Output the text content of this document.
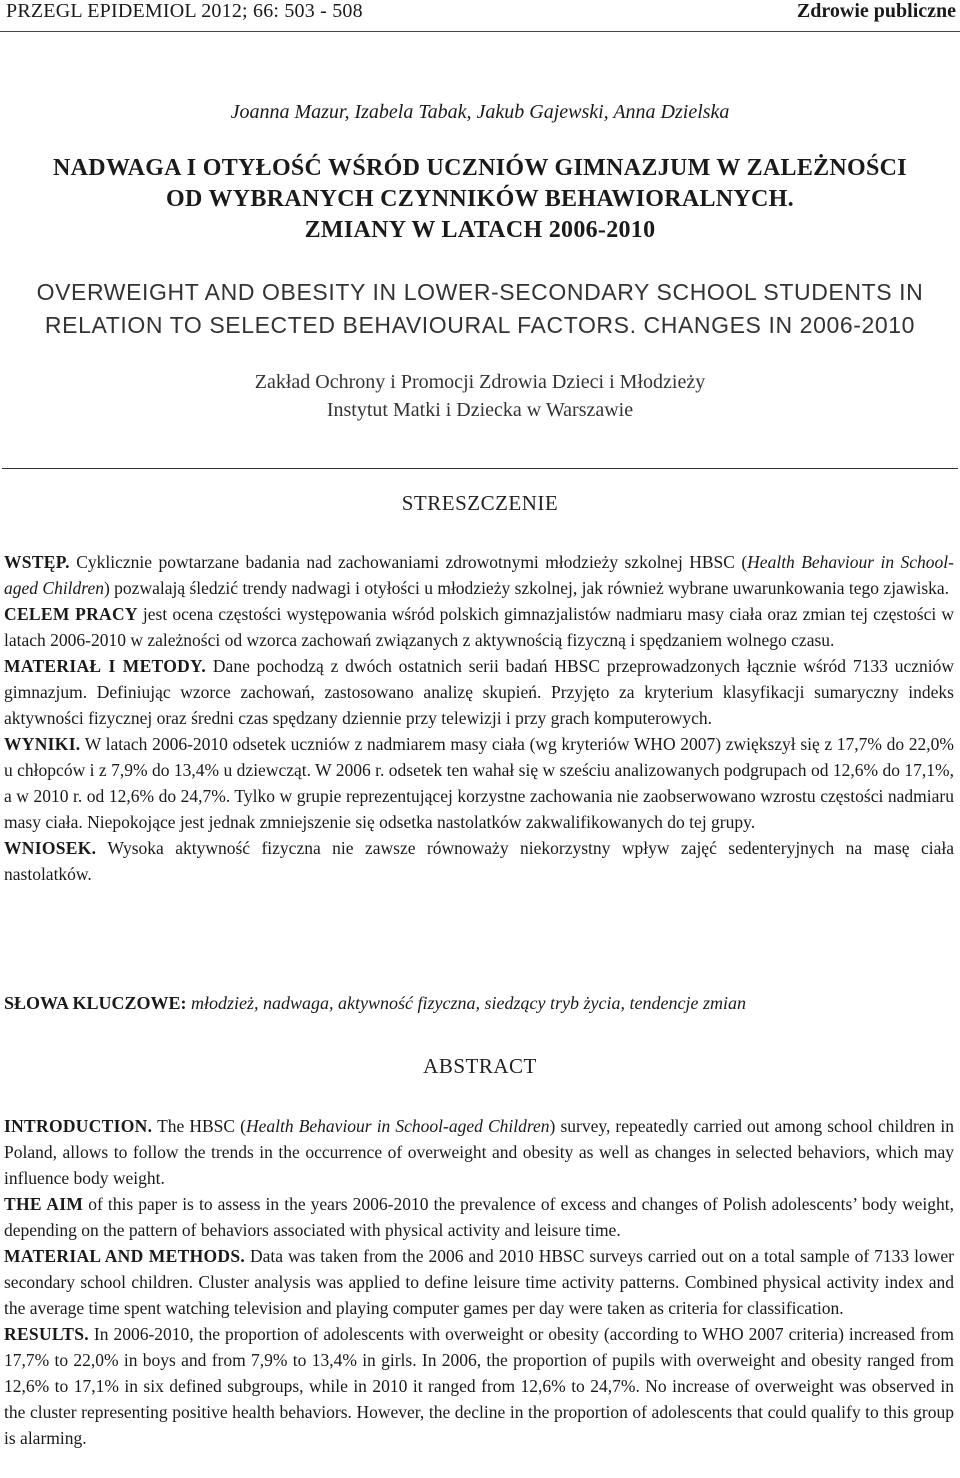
PRZEGL EPIDEMIOL 2012; 66: 503 - 508	Zdrowie publiczne
Joanna Mazur, Izabela Tabak, Jakub Gajewski, Anna Dzielska
NADWAGA I OTYŁOŚĆ WŚRÓD UCZNIÓW GIMNAZJUM W ZALEŻNOŚCI
OD WYBRANYCH CZYNNIKÓW BEHAWIORALNYCH.
ZMIANY W LATACH 2006-2010
OVERWEIGHT AND OBESITY IN LOWER-SECONDARY SCHOOL STUDENTS IN
RELATION TO SELECTED BEHAVIOURAL FACTORS. CHANGES IN 2006-2010
Zakład Ochrony i Promocji Zdrowia Dzieci i Młodzieży
Instytut Matki i Dziecka w Warszawie
STRESZCZENIE

WSTĘP. Cyklicznie powtarzane badania nad zachowaniami zdrowotnymi młodzieży szkolnej HBSC (Health Behaviour in School-aged Children) pozwalają śledzić trendy nadwagi i otyłości u młodzieży szkolnej, jak również wybrane uwarunkowania tego zjawiska.

CELEM PRACY jest ocena częstości występowania wśród polskich gimnazjalistów nadmiaru masy ciała oraz zmian tej częstości w latach 2006-2010 w zależności od wzorca zachowań związanych z aktywnością fizyczną i spędzaniem wolnego czasu.

MATERIAŁ I METODY. Dane pochodzą z dwóch ostatnich serii badań HBSC przeprowadzonych łącznie wśród 7133 uczniów gimnazjum. Definiując wzorce zachowań, zastosowano analizę skupień. Przyjęto za kryterium klasyfikacji sumaryczny indeks aktywności fizycznej oraz średni czas spędzany dziennie przy telewizji i przy grach komputerowych.

WYNIKI. W latach 2006-2010 odsetek uczniów z nadmiarem masy ciała (wg kryteriów WHO 2007) zwiększył się z 17,7% do 22,0% u chłopców i z 7,9% do 13,4% u dziewcząt. W 2006 r. odsetek ten wahał się w sześciu analizowanych podgrupach od 12,6% do 17,1%, a w 2010 r. od 12,6% do 24,7%. Tylko w grupie reprezentującej korzystne zachowania nie zaobserwowano wzrostu częstości nadmiaru masy ciała. Niepokojące jest jednak zmniejszenie się odsetka nastolatków zakwalifikowanych do tej grupy.

WNIOSEK. Wysoka aktywność fizyczna nie zawsze równoważy niekorzystny wpływ zajęć sedenteryjnych na masę ciała nastolatków.

SŁOWA KLUCZOWE: młodzież, nadwaga, aktywność fizyczna, siedzący tryb życia, tendencje zmian
ABSTRACT

INTRODUCTION. The HBSC (Health Behaviour in School-aged Children) survey, repeatedly carried out among school children in Poland, allows to follow the trends in the occurrence of overweight and obesity as well as changes in selected behaviors, which may influence body weight.

THE AIM of this paper is to assess in the years 2006-2010 the prevalence of excess and changes of Polish adolescents’ body weight, depending on the pattern of behaviors associated with physical activity and leisure time.

MATERIAL AND METHODS. Data was taken from the 2006 and 2010 HBSC surveys carried out on a total sample of 7133 lower secondary school children. Cluster analysis was applied to define leisure time activity patterns. Combined physical activity index and the average time spent watching television and playing computer games per day were taken as criteria for classification.

RESULTS. In 2006-2010, the proportion of adolescents with overweight or obesity (according to WHO 2007 criteria) increased from 17,7% to 22,0% in boys and from 7,9% to 13,4% in girls. In 2006, the proportion of pupils with overweight and obesity ranged from 12,6% to 17,1% in six defined subgroups, while in 2010 it ranged from 12,6% to 24,7%. No increase of overweight was observed in the cluster representing positive health behaviors. However, the decline in the proportion of adolescents that could qualify to this group is alarming.
